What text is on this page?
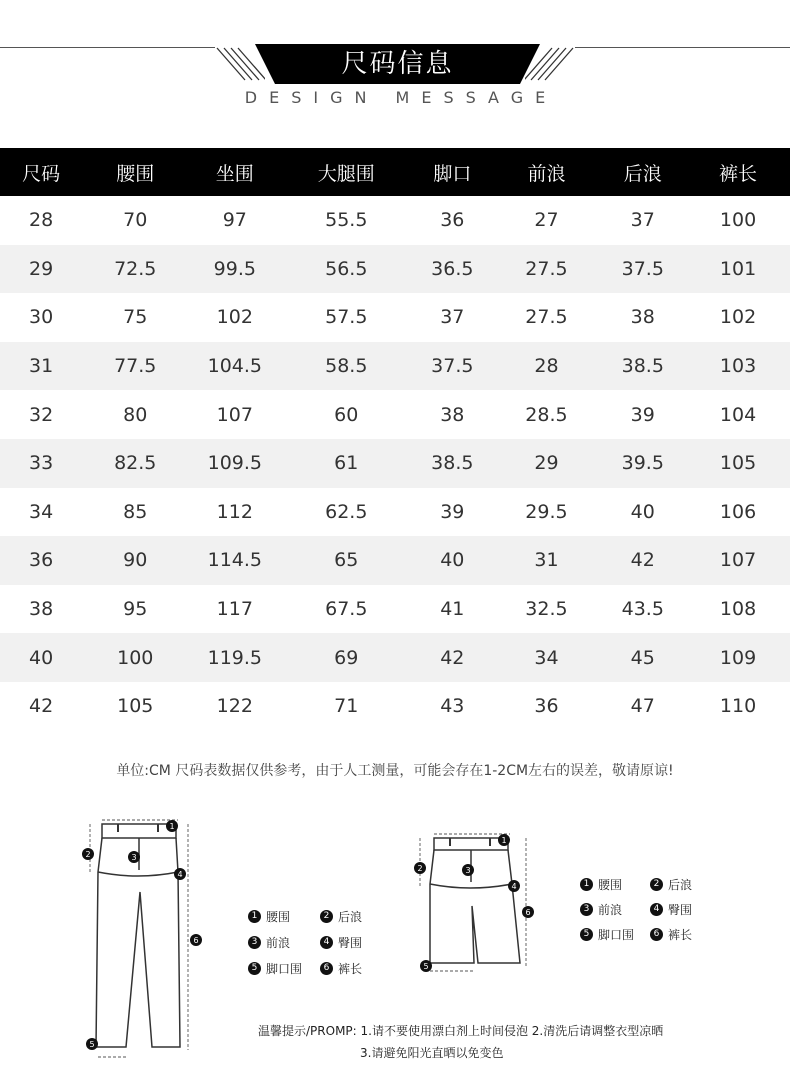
尺码信息
DESIGN MESSAGE
尺码	腰围	坐围	大腿围	脚口	前浪	后浪	裤长
28	70	97	55.5	36	27	37	100
29	72.5	99.5	56.5	36.5	27.5	37.5	101
30	75	102	57.5	37	27.5	38	102
31	77.5	104.5	58.5	37.5	28	38.5	103
32	80	107	60	38	28.5	39	104
33	82.5	109.5	61	38.5	29	39.5	105
34	85	112	62.5	39	29.5	40	106
36	90	114.5	65	40	31	42	107
38	95	117	67.5	41	32.5	43.5	108
40	100	119.5	69	42	34	45	109
42	105	122	71	43	36	47	110
单位:CM 尺码表数据仅供参考，由于人工测量，可能会存在1-2CM左右的误差，敬请原谅!
1
2	3
4
5
6
1 腰围	2 后浪
3 前浪	4 臀围
5 脚口围	6 裤长
1
2	3
4
5
6
1 腰围	2 后浪
3 前浪	4 臀围
5 脚口围	6 裤长
温馨提示/PROMP: 1.请不要使用漂白剂上时间侵泡 2.清洗后请调整衣型凉晒
3.请避免阳光直晒以免变色
